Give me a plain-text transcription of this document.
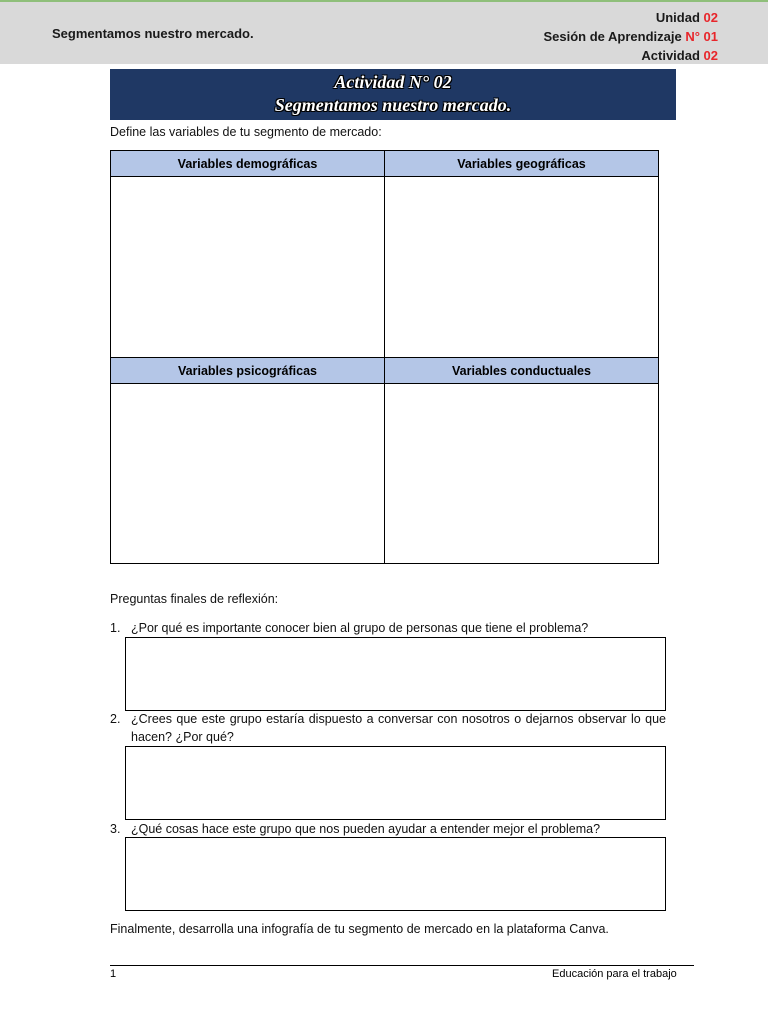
Segmentamos nuestro mercado.
Unidad 02
Sesión de Aprendizaje N° 01
Actividad 02
Actividad N° 02
Segmentamos nuestro mercado.
Define las variables de tu segmento de mercado:
Variables demográficas	Variables geográficas

Variables psicográficas	Variables conductuales

Preguntas finales de reflexión:
1. ¿Por qué es importante conocer bien al grupo de personas que tiene el problema?
2. ¿Crees que este grupo estaría dispuesto a conversar con nosotros o dejarnos observar lo que hacen? ¿Por qué?
3. ¿Qué cosas hace este grupo que nos pueden ayudar a entender mejor el problema?
Finalmente, desarrolla una infografía de tu segmento de mercado en la plataforma Canva.
1	Educación para el trabajo
